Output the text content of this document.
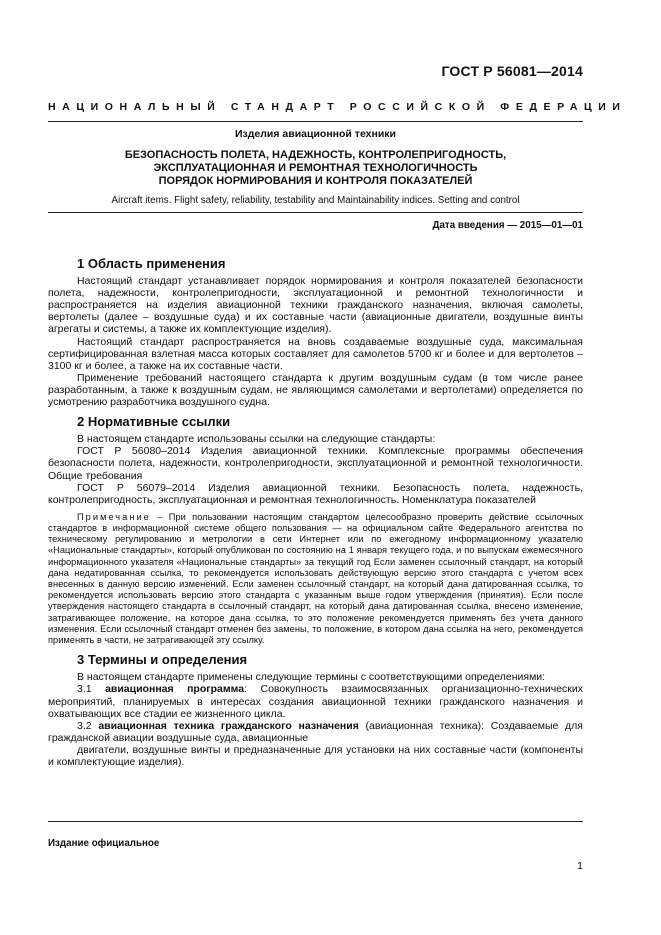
ГОСТ Р 56081—2014
НАЦИОНАЛЬНЫЙ СТАНДАРТ РОССИЙСКОЙ ФЕДЕРАЦИИ
Изделия авиационной техники
БЕЗОПАСНОСТЬ ПОЛЕТА, НАДЕЖНОСТЬ, КОНТРОЛЕПРИГОДНОСТЬ,
ЭКСПЛУАТАЦИОННАЯ И РЕМОНТНАЯ ТЕХНОЛОГИЧНОСТЬ
ПОРЯДОК НОРМИРОВАНИЯ И КОНТРОЛЯ ПОКАЗАТЕЛЕЙ
Aircraft items. Flight safety, reliability, testability and Maintainability indices. Setting and control
Дата введения — 2015—01—01
1 Область применения

Настоящий стандарт устанавливает порядок нормирования и контроля показателей безопасности полета, надежности, контролепригодности, эксплуатационной и ремонтной технологичности и распространяется на изделия авиационной техники гражданского назначения, включая самолеты, вертолеты (далее – воздушные суда) и их составные части (авиационные двигатели, воздушные винты агрегаты и системы, а также их комплектующие изделия).

Настоящий стандарт распространяется на вновь создаваемые воздушные суда, максимальная сертифицированная взлетная масса которых составляет для самолетов 5700 кг и более и для вертолетов – 3100 кг и более, а также на их составные части.

Применение требований настоящего стандарта к другим воздушным судам (в том числе ранее разработанным, а также к воздушным судам, не являющимся самолетами и вертолетами) определяется по усмотрению разработчика воздушного судна.

2 Нормативные ссылки

В настоящем стандарте использованы ссылки на следующие стандарты:

ГОСТ Р 56080–2014 Изделия авиационной техники. Комплексные программы обеспечения безопасности полета, надежности, контролепригодности, эксплуатационной и ремонтной технологичности. Общие требования

ГОСТ Р 56079–2014 Изделия авиационной техники. Безопасность полета, надежность, контролепригодность, эксплуатационная и ремонтная технологичность. Номенклатура показателей

Примечание – При пользовании настоящим стандартом целесообразно проверить действие ссылочных стандартов в информационной системе общего пользования — на официальном сайте Федерального агентства по техническому регулированию и метрологии в сети Интернет или по ежегодному информационному указателю «Национальные стандарты», который опубликован по состоянию на 1 января текущего года, и по выпускам ежемесячного информационного указателя «Национальные стандарты» за текущий год Если заменен ссылочный стандарт, на который дана недатированная ссылка, то рекомендуется использовать действующую версию этого стандарта с учетом всех внесенных в данную версию изменений. Если заменен ссылочный стандарт, на который дана датированная ссылка, то рекомендуется использовать версию этого стандарта с указанным выше годом утверждения (принятия). Если после утверждения настоящего стандарта в ссылочный стандарт, на который дана датированная ссылка, внесено изменение, затрагивающее положение, на которое дана ссылка, то это положение рекомендуется применять без учета данного изменения. Если ссылочный стандарт отменен без замены, то положение, в котором дана ссылка на него, рекомендуется применять в части, не затрагивающей эту ссылку.

3 Термины и определения

В настоящем стандарте применены следующие термины с соответствующими определениями:

3.1 авиационная программа: Совокупность взаимосвязанных организационно-технических мероприятий, планируемых в интересах создания авиационной техники гражданского назначения и охватывающих все стадии ее жизненного цикла.

3.2 авиационная техника гражданского назначения (авиационная техника): Создаваемые для гражданской авиации воздушные суда, авиационные

двигатели, воздушные винты и предназначенные для установки на них составные части (компоненты и комплектующие изделия).

Издание официальное
1
